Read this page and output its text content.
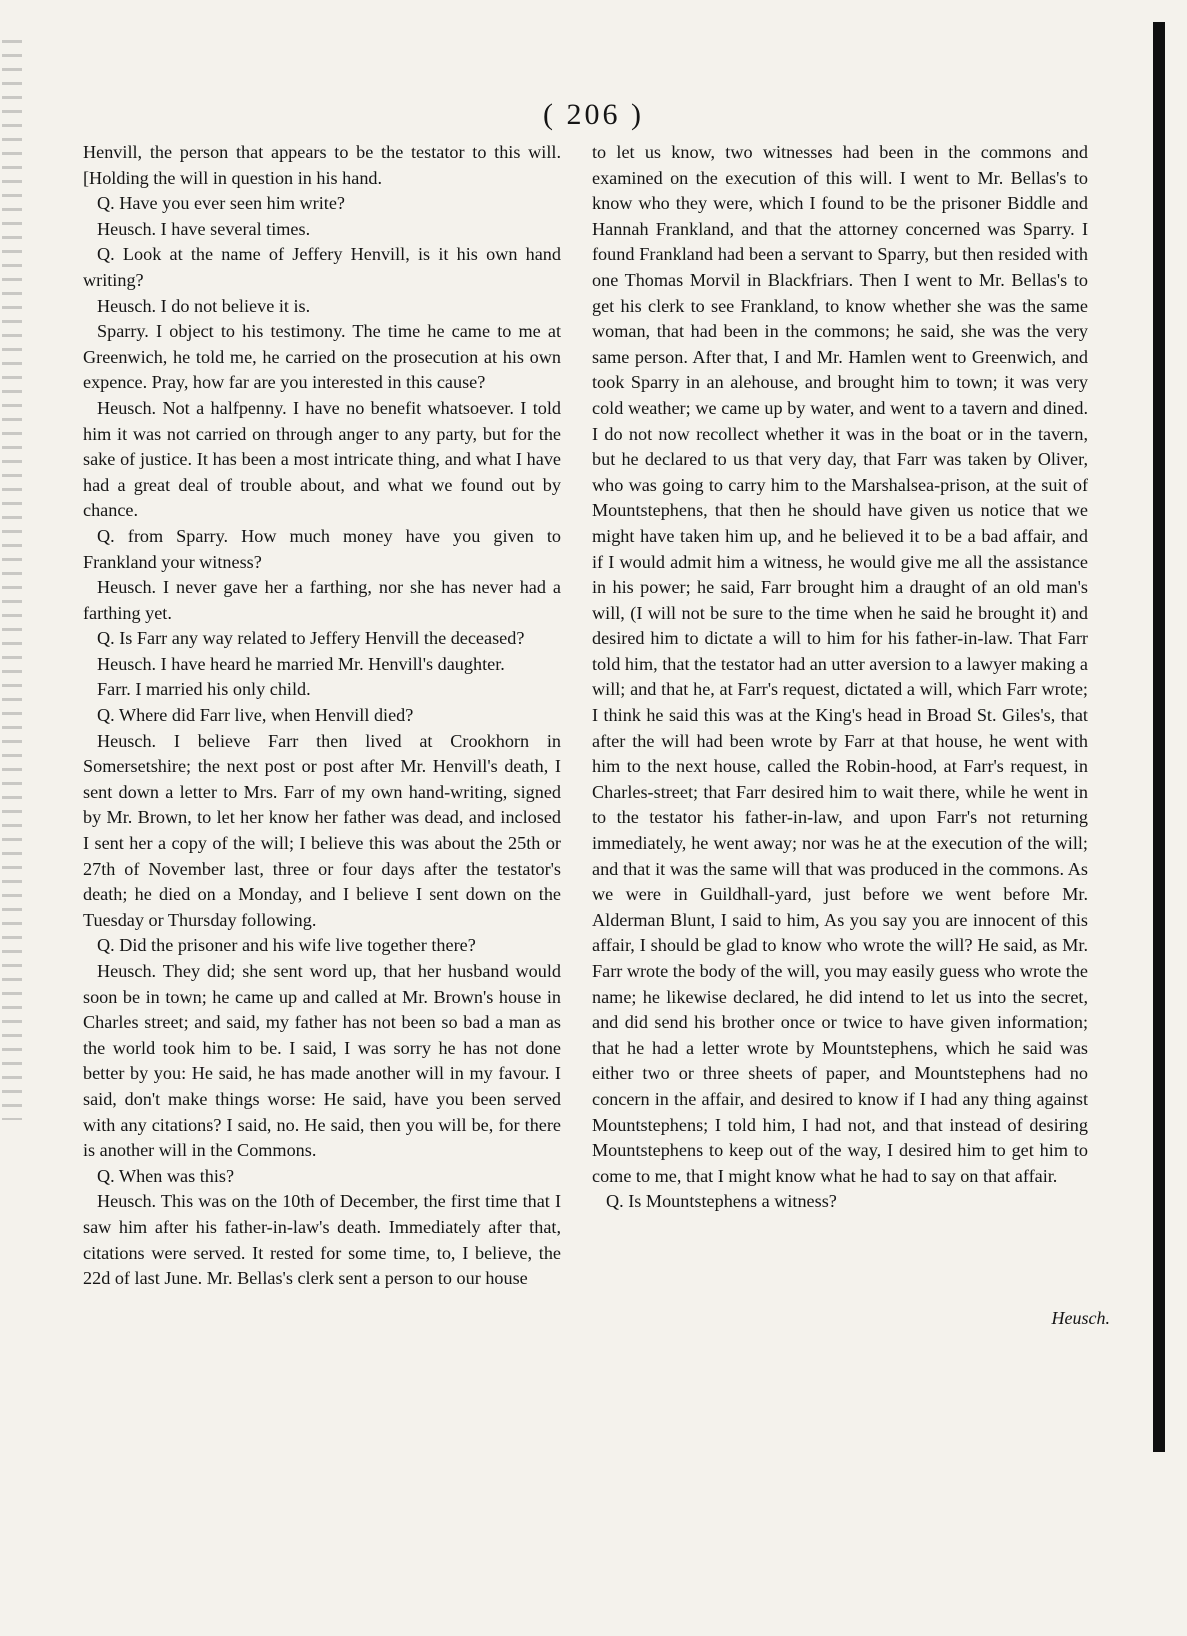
( 206 )

Henvill, the person that appears to be the testator to this will. [Holding the will in question in his hand.

Q. Have you ever seen him write?

Heusch. I have several times.

Q. Look at the name of Jeffery Henvill, is it his own hand writing?

Heusch. I do not believe it is.

Sparry. I object to his testimony. The time he came to me at Greenwich, he told me, he carried on the prosecution at his own expence. Pray, how far are you interested in this cause?

Heusch. Not a halfpenny. I have no benefit whatsoever. I told him it was not carried on through anger to any party, but for the sake of justice. It has been a most intricate thing, and what I have had a great deal of trouble about, and what we found out by chance.

Q. from Sparry. How much money have you given to Frankland your witness?

Heusch. I never gave her a farthing, nor she has never had a farthing yet.

Q. Is Farr any way related to Jeffery Henvill the deceased?

Heusch. I have heard he married Mr. Henvill's daughter.

Farr. I married his only child.

Q. Where did Farr live, when Henvill died?

Heusch. I believe Farr then lived at Crookhorn in Somersetshire; the next post or post after Mr. Henvill's death, I sent down a letter to Mrs. Farr of my own hand-writing, signed by Mr. Brown, to let her know her father was dead, and inclosed I sent her a copy of the will; I believe this was about the 25th or 27th of November last, three or four days after the testator's death; he died on a Monday, and I believe I sent down on the Tuesday or Thursday following.

Q. Did the prisoner and his wife live together there?

Heusch. They did; she sent word up, that her husband would soon be in town; he came up and called at Mr. Brown's house in Charles street; and said, my father has not been so bad a man as the world took him to be. I said, I was sorry he has not done better by you: He said, he has made another will in my favour. I said, don't make things worse: He said, have you been served with any citations? I said, no. He said, then you will be, for there is another will in the Commons.

Q. When was this?

Heusch. This was on the 10th of December, the first time that I saw him after his father-in-law's death. Immediately after that, citations were served. It rested for some time, to, I believe, the 22d of last June. Mr. Bellas's clerk sent a person to our house

to let us know, two witnesses had been in the commons and examined on the execution of this will. I went to Mr. Bellas's to know who they were, which I found to be the prisoner Biddle and Hannah Frankland, and that the attorney concerned was Sparry. I found Frankland had been a servant to Sparry, but then resided with one Thomas Morvil in Blackfriars. Then I went to Mr. Bellas's to get his clerk to see Frankland, to know whether she was the same woman, that had been in the commons; he said, she was the very same person. After that, I and Mr. Hamlen went to Greenwich, and took Sparry in an alehouse, and brought him to town; it was very cold weather; we came up by water, and went to a tavern and dined. I do not now recollect whether it was in the boat or in the tavern, but he declared to us that very day, that Farr was taken by Oliver, who was going to carry him to the Marshalsea-prison, at the suit of Mountstephens, that then he should have given us notice that we might have taken him up, and he believed it to be a bad affair, and if I would admit him a witness, he would give me all the assistance in his power; he said, Farr brought him a draught of an old man's will, (I will not be sure to the time when he said he brought it) and desired him to dictate a will to him for his father-in-law. That Farr told him, that the testator had an utter aversion to a lawyer making a will; and that he, at Farr's request, dictated a will, which Farr wrote; I think he said this was at the King's head in Broad St. Giles's, that after the will had been wrote by Farr at that house, he went with him to the next house, called the Robin-hood, at Farr's request, in Charles-street; that Farr desired him to wait there, while he went in to the testator his father-in-law, and upon Farr's not returning immediately, he went away; nor was he at the execution of the will; and that it was the same will that was produced in the commons. As we were in Guildhall-yard, just before we went before Mr. Alderman Blunt, I said to him, As you say you are innocent of this affair, I should be glad to know who wrote the will? He said, as Mr. Farr wrote the body of the will, you may easily guess who wrote the name; he likewise declared, he did intend to let us into the secret, and did send his brother once or twice to have given information; that he had a letter wrote by Mountstephens, which he said was either two or three sheets of paper, and Mountstephens had no concern in the affair, and desired to know if I had any thing against Mountstephens; I told him, I had not, and that instead of desiring Mountstephens to keep out of the way, I desired him to get him to come to me, that I might know what he had to say on that affair.

Q. Is Mountstephens a witness?

Heusch.
